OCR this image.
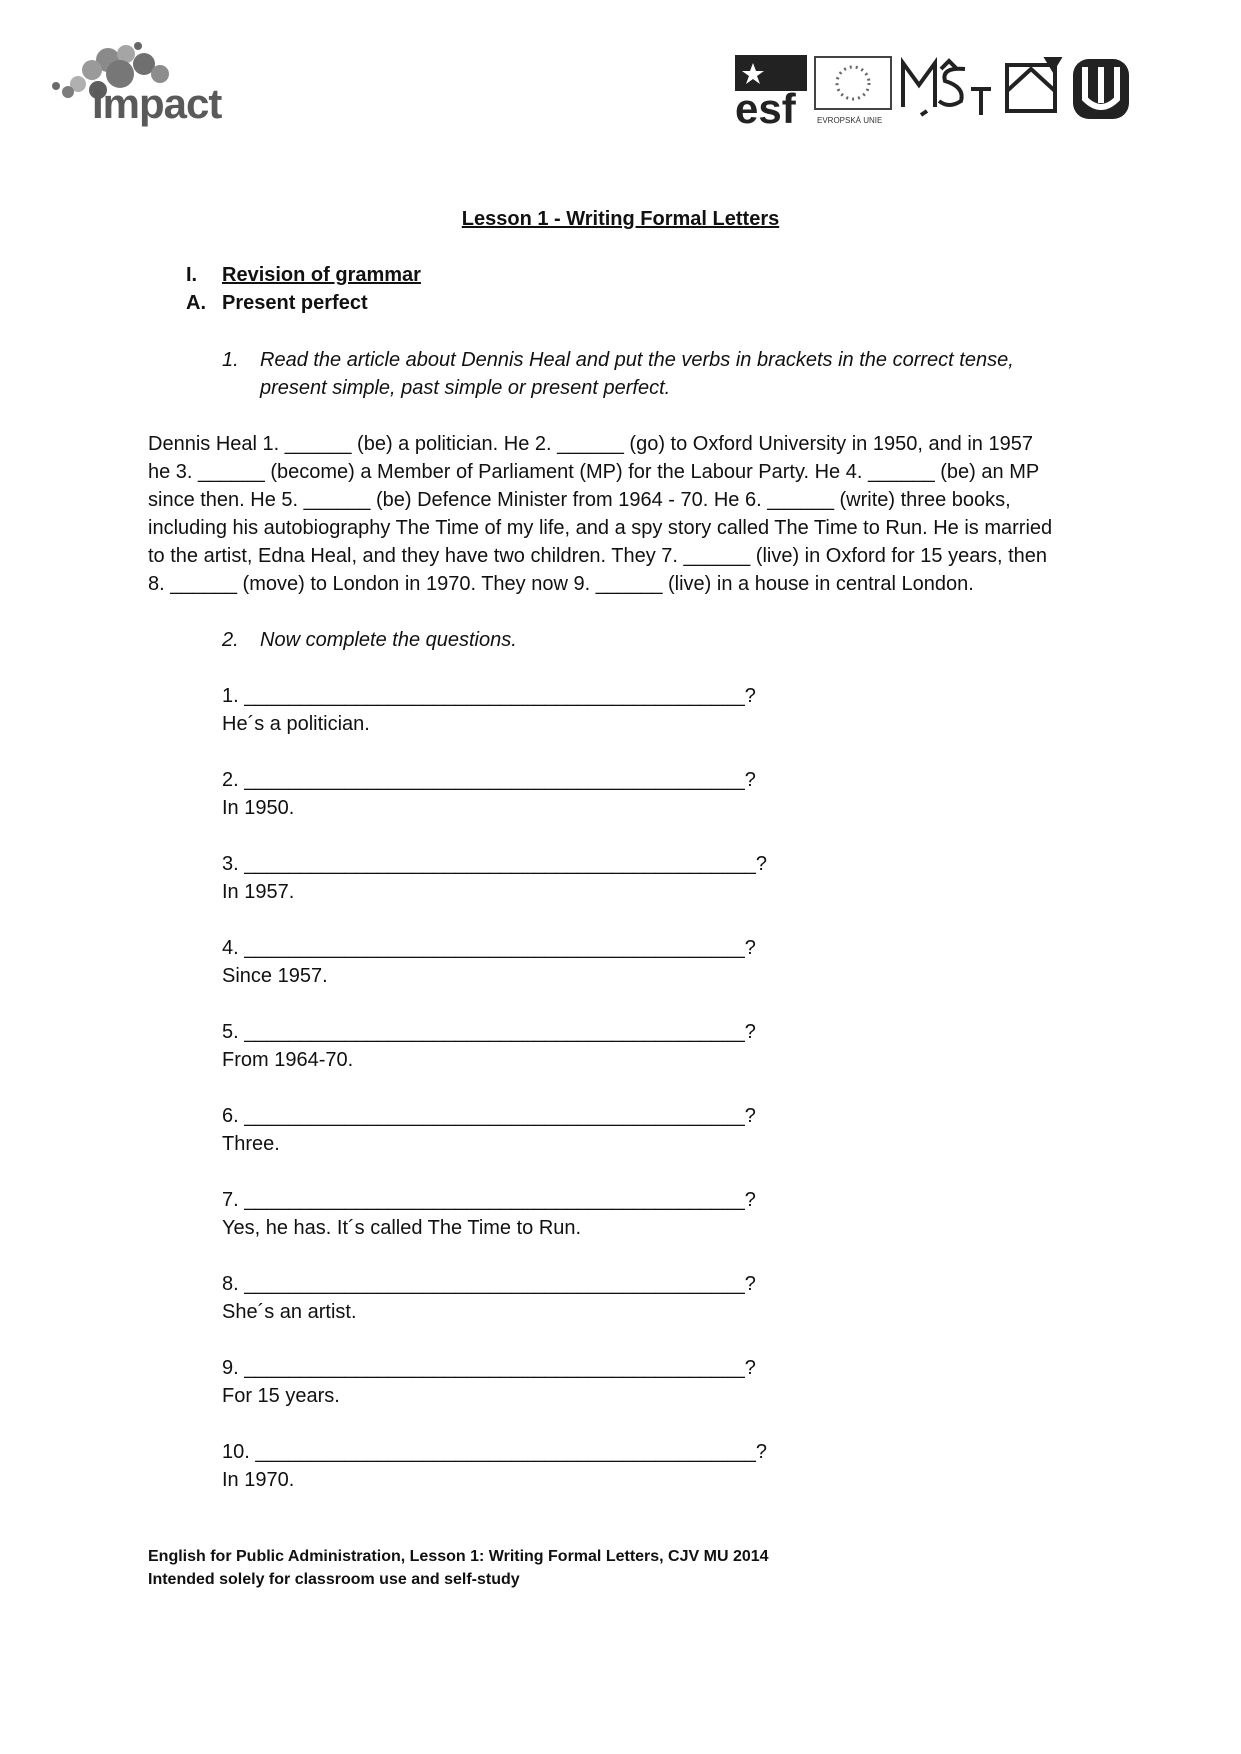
Impact	esf	EVROPSKÁ UNIE
Lesson 1 - Writing Formal Letters
I. Revision of grammar
A. Present perfect
1.	Read the article about Dennis Heal and put the verbs in brackets in the correct tense, present simple, past simple or present perfect.
Dennis Heal 1. ______ (be) a politician. He 2. ______ (go) to Oxford University in 1950, and in 1957
he 3. ______ (become) a Member of Parliament (MP) for the Labour Party. He 4. ______ (be) an MP
since then. He 5. ______ (be) Defence Minister from 1964 - 70. He 6. ______ (write) three books,
including his autobiography The Time of my life, and a spy story called The Time to Run. He is married
to the artist, Edna Heal, and they have two children. They 7. ______ (live) in Oxford for 15 years, then
8. ______ (move) to London in 1970. They now 9. ______ (live) in a house in central London.
2.	Now complete the questions.
1. _____________________________________________?
He´s a politician.
2. _____________________________________________?
In 1950.
3. ______________________________________________?
In 1957.
4. _____________________________________________?
Since 1957.
5. _____________________________________________?
From 1964-70.
6. _____________________________________________?
Three.
7. _____________________________________________?
Yes, he has. It´s called The Time to Run.
8. _____________________________________________?
She´s an artist.
9. _____________________________________________?
For 15 years.
10. _____________________________________________?
In 1970.
English for Public Administration, Lesson 1: Writing Formal Letters, CJV MU 2014
Intended solely for classroom use and self-study
